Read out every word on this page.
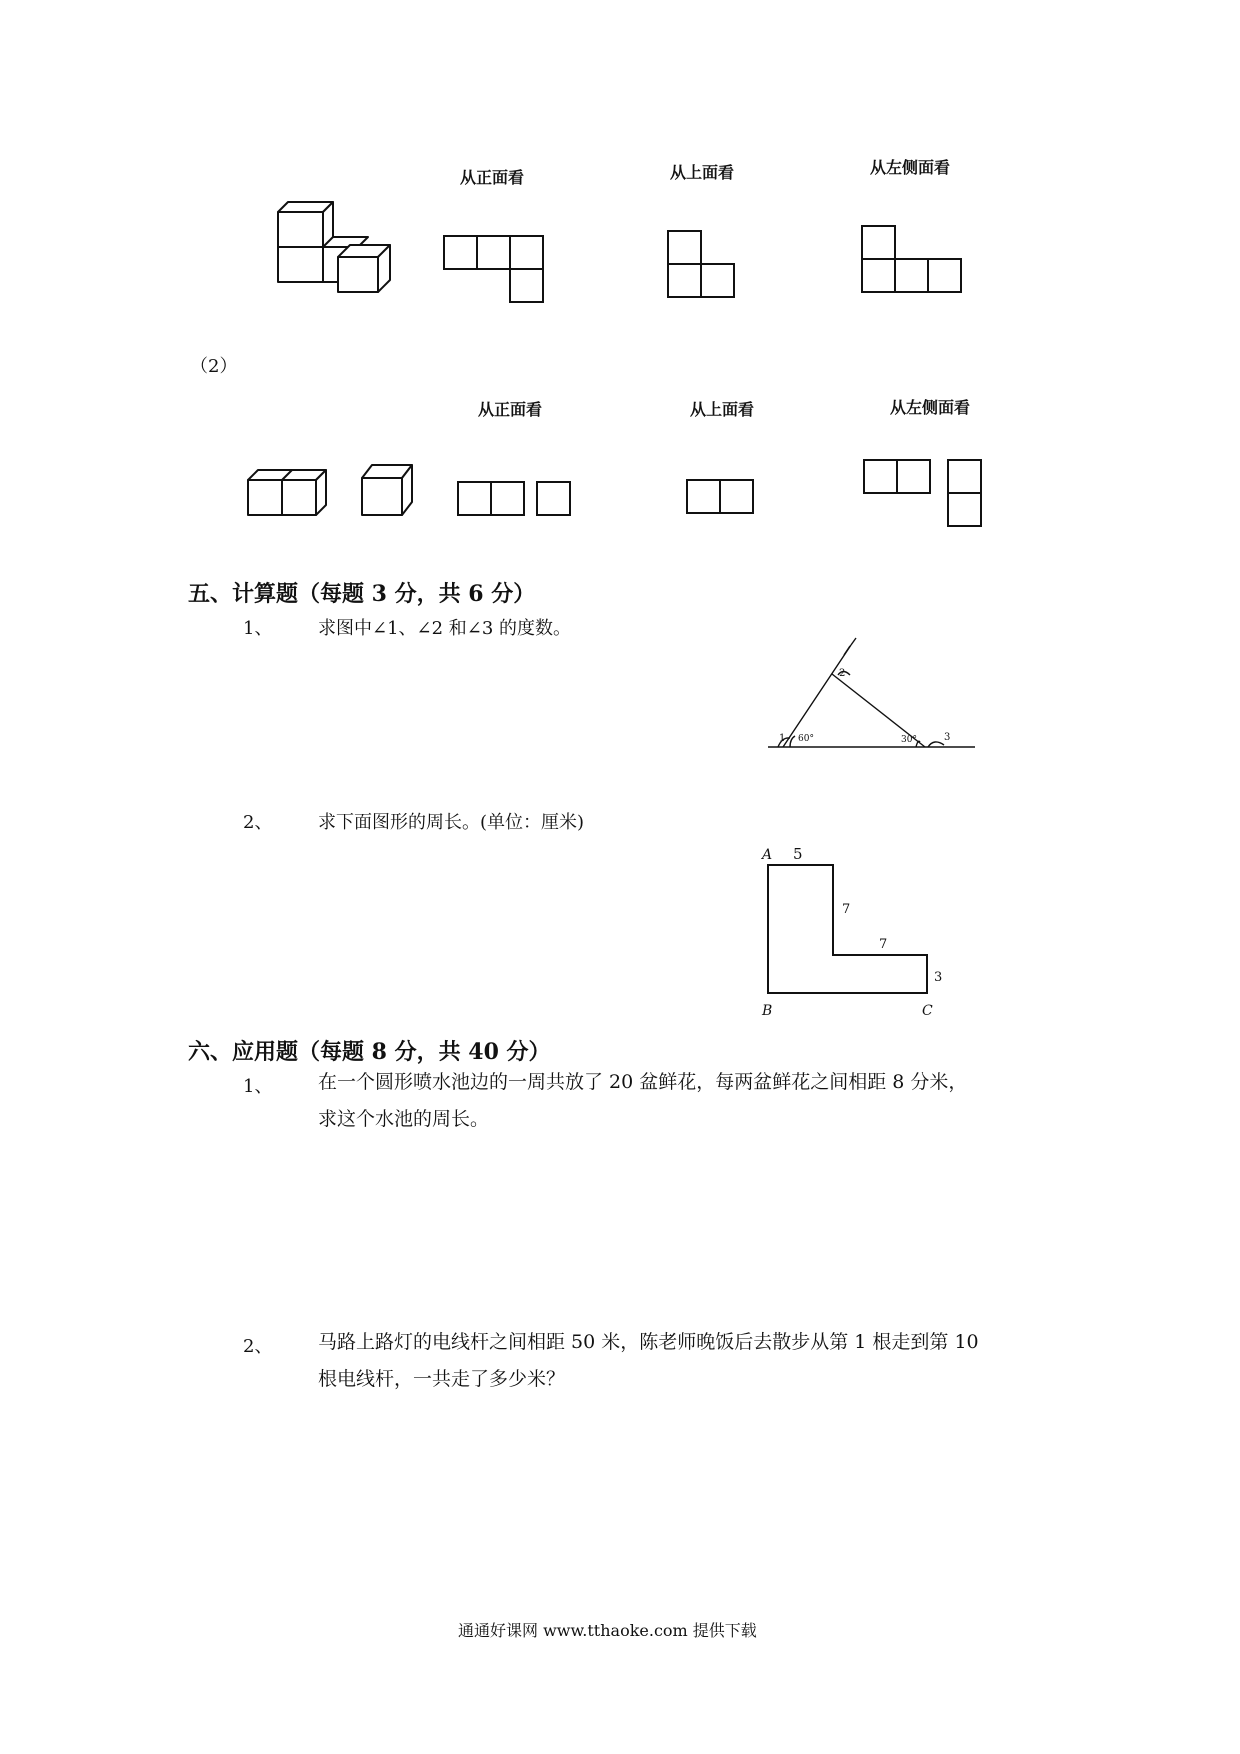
从正面看	从上面看	从左侧面看
（2）
从正面看	从上面看	从左侧面看
五、计算题（每题 3 分，共 6 分）
1、	求图中∠1、∠2 和∠3 的度数。
1
2
3
60°	30°
2、	求下面图形的周长。(单位：厘米)
A 5
7
7
3
B	C
六、应用题（每题 8 分，共 40 分）
1、 在一个圆形喷水池边的一周共放了 20 盆鲜花，每两盆鲜花之间相距 8 分米，
求这个水池的周长。
2、 马路上路灯的电线杆之间相距 50 米，陈老师晚饭后去散步从第 1 根走到第 10
根电线杆，一共走了多少米？
通通好课网 www.tthaoke.com 提供下载
